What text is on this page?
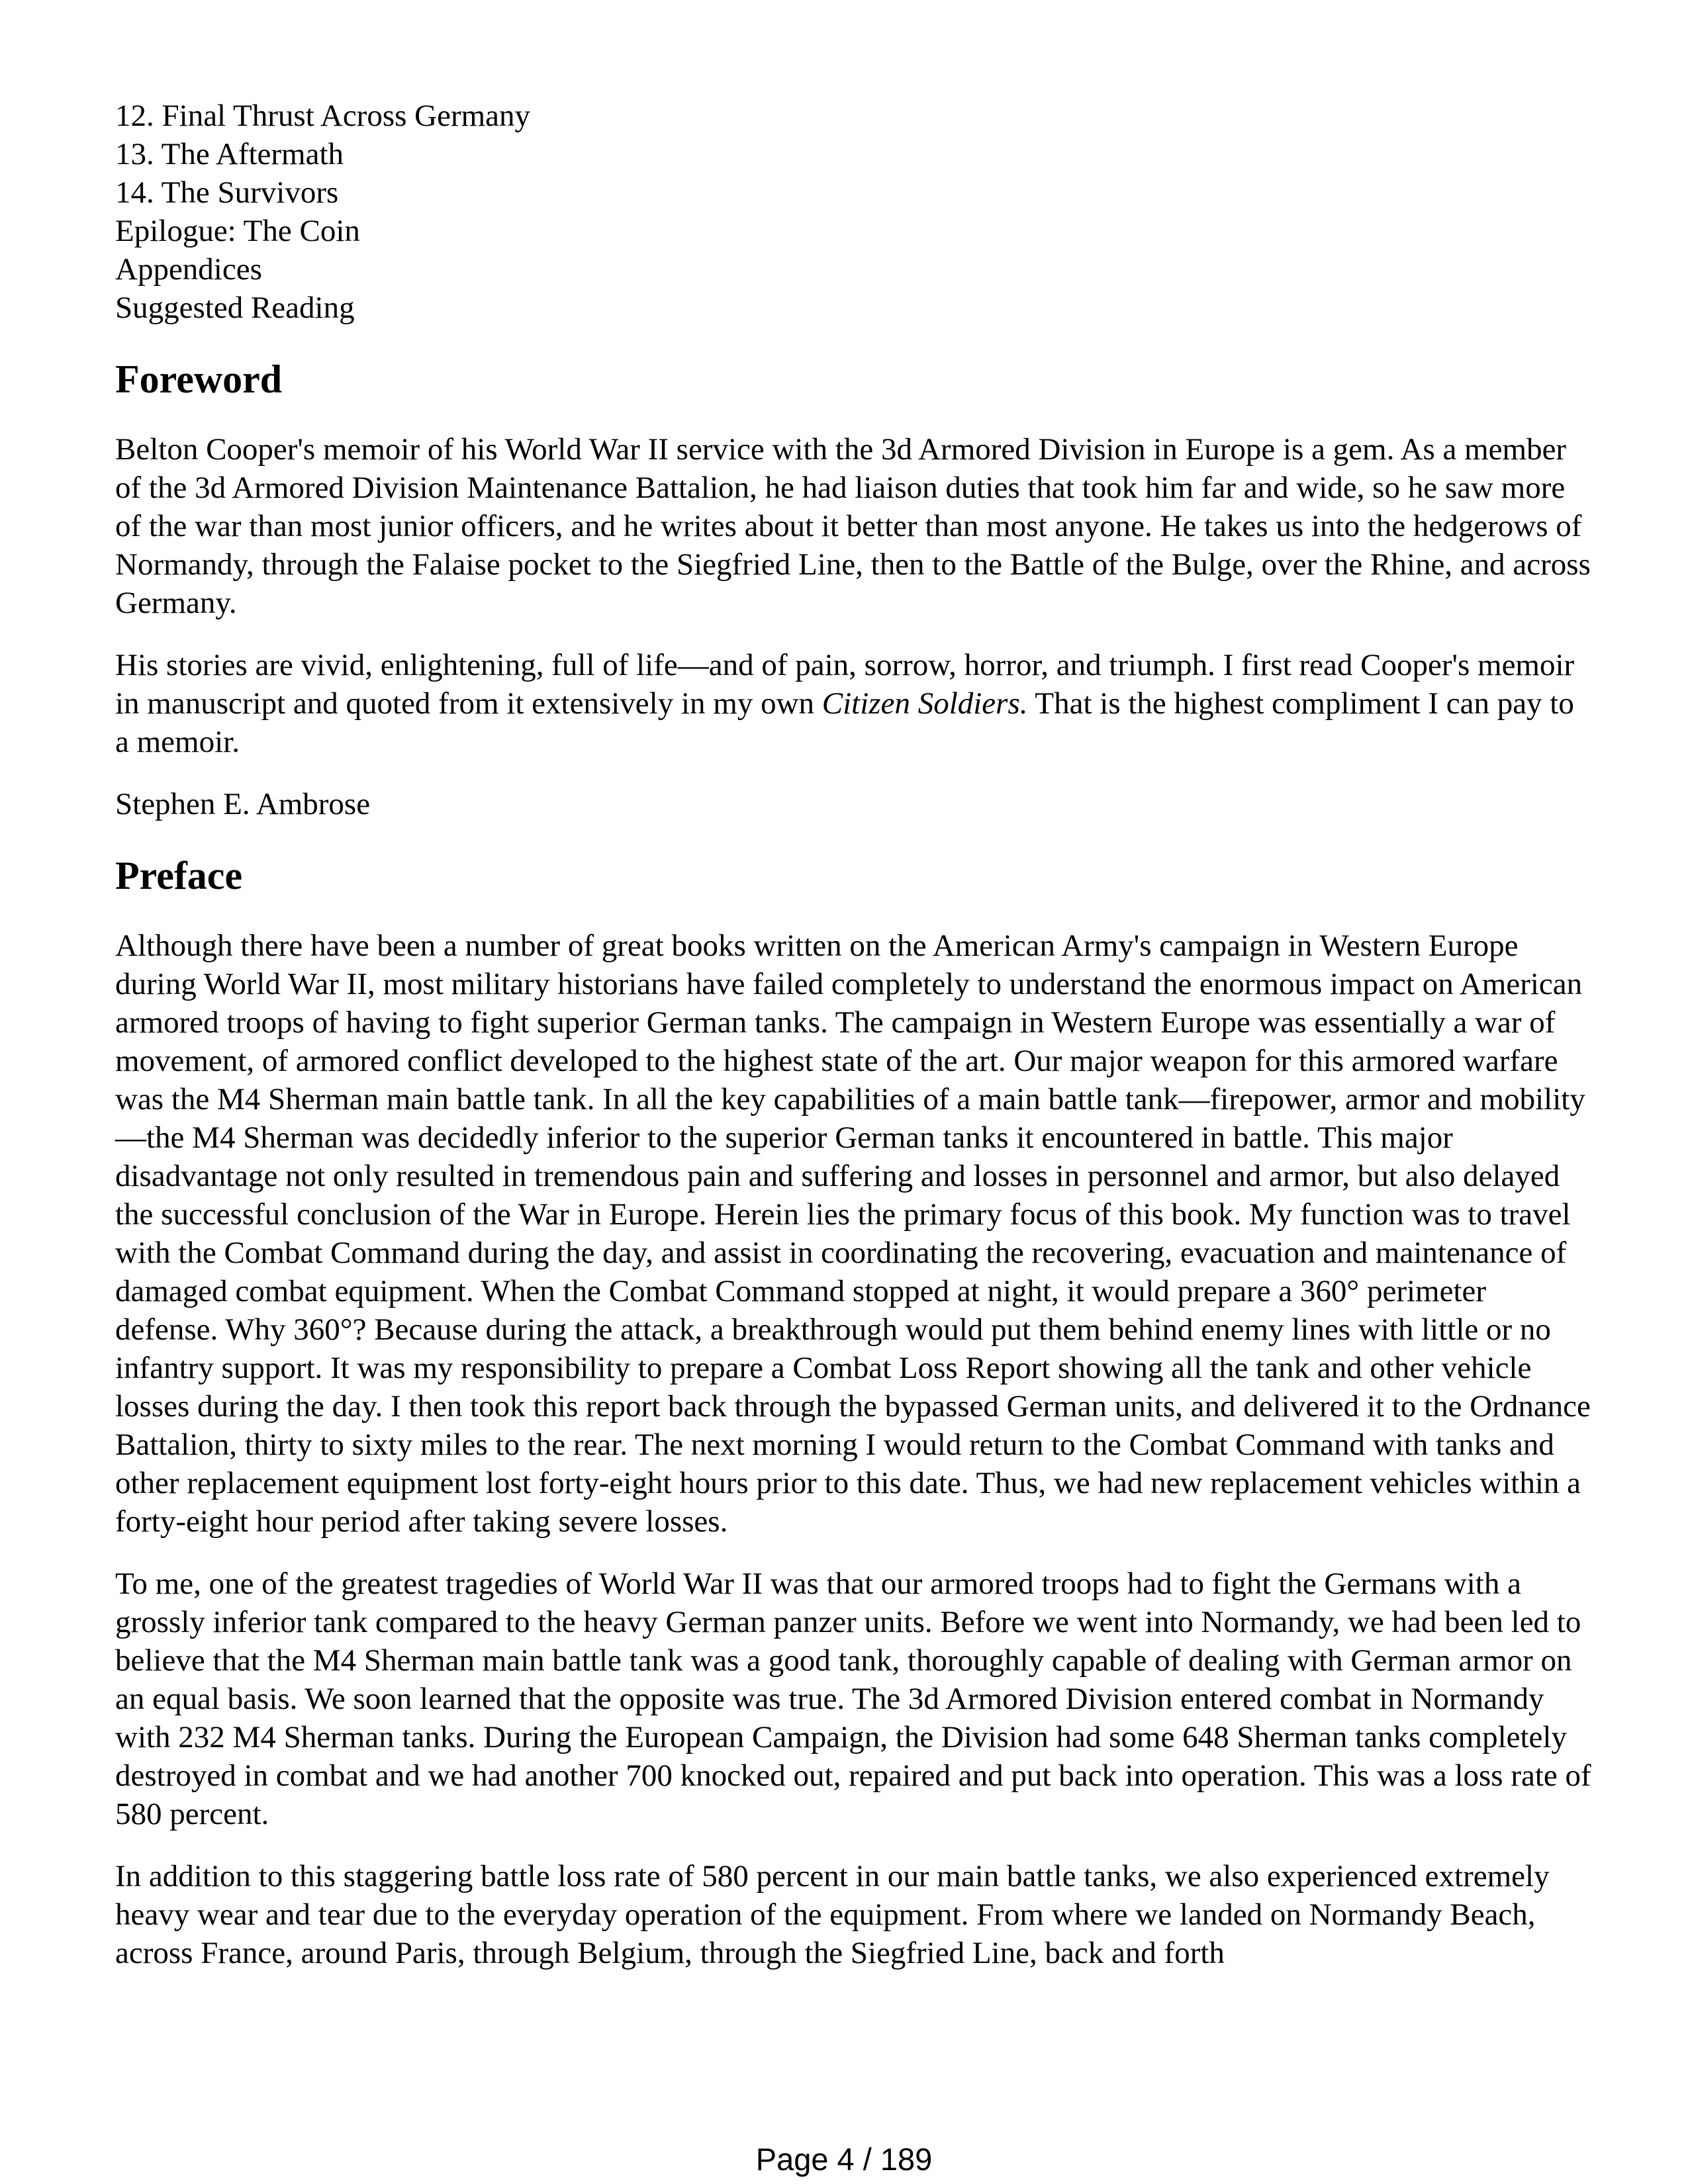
12. Final Thrust Across Germany
13. The Aftermath
14. The Survivors
Epilogue: The Coin
Appendices
Suggested Reading
Foreword

Belton Cooper's memoir of his World War II service with the 3d Armored Division in Europe is a gem. As a member of the 3d Armored Division Maintenance Battalion, he had liaison duties that took him far and wide, so he saw more of the war than most junior officers, and he writes about it better than most anyone. He takes us into the hedgerows of Normandy, through the Falaise pocket to the Siegfried Line, then to the Battle of the Bulge, over the Rhine, and across Germany.

His stories are vivid, enlightening, full of life—and of pain, sorrow, horror, and triumph. I first read Cooper's memoir in manuscript and quoted from it extensively in my own Citizen Soldiers. That is the highest compliment I can pay to a memoir.

Stephen E. Ambrose

Preface

Although there have been a number of great books written on the American Army's campaign in Western Europe during World War II, most military historians have failed completely to understand the enormous impact on American armored troops of having to fight superior German tanks. The campaign in Western Europe was essentially a war of movement, of armored conflict developed to the highest state of the art. Our major weapon for this armored warfare was the M4 Sherman main battle tank. In all the key capabilities of a main battle tank—firepower, armor and mobility—the M4 Sherman was decidedly inferior to the superior German tanks it encountered in battle. This major disadvantage not only resulted in tremendous pain and suffering and losses in personnel and armor, but also delayed the successful conclusion of the War in Europe. Herein lies the primary focus of this book. My function was to travel with the Combat Command during the day, and assist in coordinating the recovering, evacuation and maintenance of damaged combat equipment. When the Combat Command stopped at night, it would prepare a 360° perimeter defense. Why 360°? Because during the attack, a breakthrough would put them behind enemy lines with little or no infantry support. It was my responsibility to prepare a Combat Loss Report showing all the tank and other vehicle losses during the day. I then took this report back through the bypassed German units, and delivered it to the Ordnance Battalion, thirty to sixty miles to the rear. The next morning I would return to the Combat Command with tanks and other replacement equipment lost forty-eight hours prior to this date. Thus, we had new replacement vehicles within a forty-eight hour period after taking severe losses.

To me, one of the greatest tragedies of World War II was that our armored troops had to fight the Germans with a grossly inferior tank compared to the heavy German panzer units. Before we went into Normandy, we had been led to believe that the M4 Sherman main battle tank was a good tank, thoroughly capable of dealing with German armor on an equal basis. We soon learned that the opposite was true. The 3d Armored Division entered combat in Normandy with 232 M4 Sherman tanks. During the European Campaign, the Division had some 648 Sherman tanks completely destroyed in combat and we had another 700 knocked out, repaired and put back into operation. This was a loss rate of 580 percent.

In addition to this staggering battle loss rate of 580 percent in our main battle tanks, we also experienced extremely heavy wear and tear due to the everyday operation of the equipment. From where we landed on Normandy Beach, across France, around Paris, through Belgium, through the Siegfried Line, back and forth

Page 4 / 189
